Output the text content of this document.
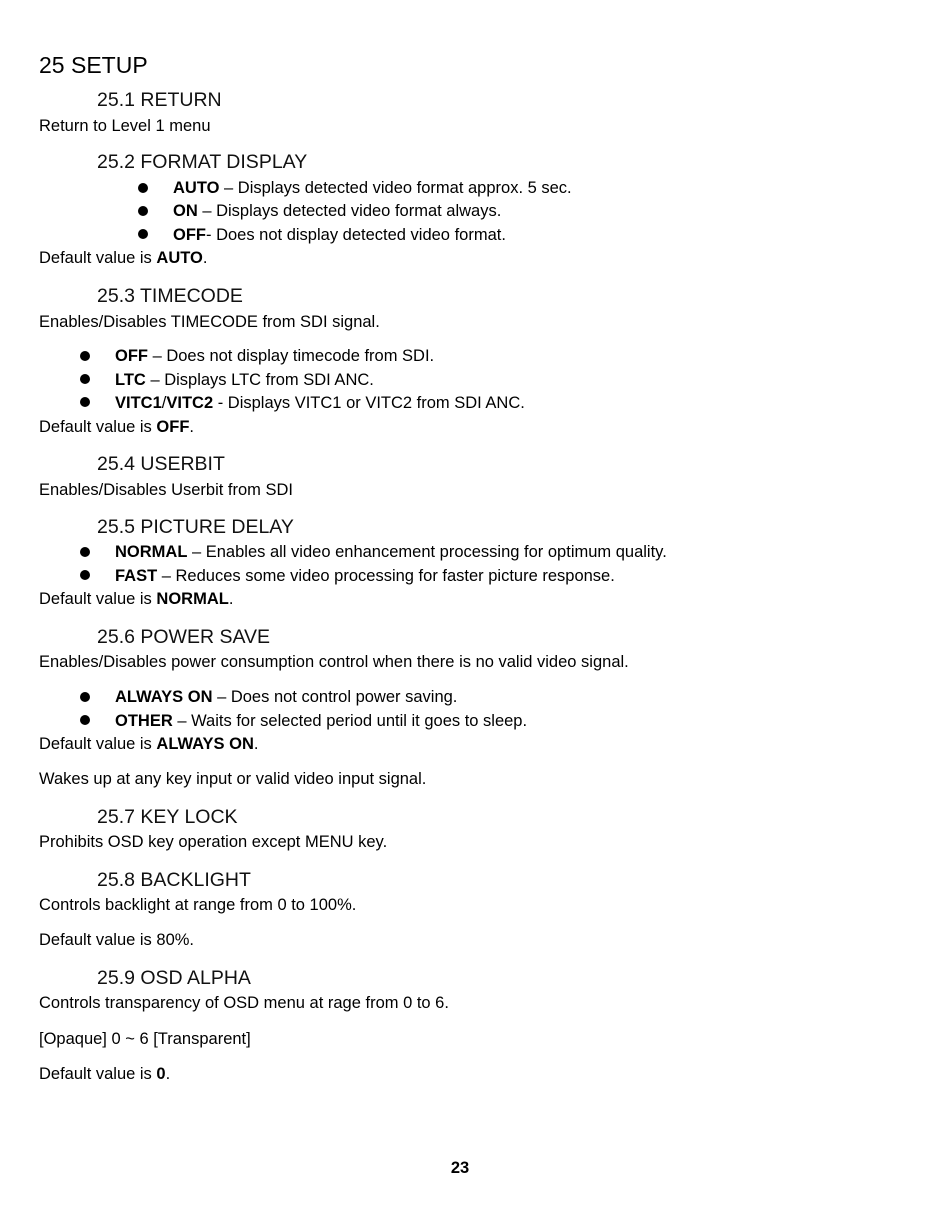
25 SETUP
25.1 RETURN
Return to Level 1 menu
25.2 FORMAT DISPLAY
AUTO – Displays detected video format approx. 5 sec.
ON – Displays detected video format always.
OFF- Does not display detected video format.
Default value is AUTO.
25.3 TIMECODE
Enables/Disables TIMECODE from SDI signal.
OFF – Does not display timecode from SDI.
LTC – Displays LTC from SDI ANC.
VITC1/VITC2 - Displays VITC1 or VITC2 from SDI ANC.
Default value is OFF.
25.4 USERBIT
Enables/Disables Userbit from SDI
25.5 PICTURE DELAY
NORMAL – Enables all video enhancement processing for optimum quality.
FAST – Reduces some video processing for faster picture response.
Default value is NORMAL.
25.6 POWER SAVE
Enables/Disables power consumption control when there is no valid video signal.
ALWAYS ON – Does not control power saving.
OTHER – Waits for selected period until it goes to sleep.
Default value is ALWAYS ON.
Wakes up at any key input or valid video input signal.
25.7 KEY LOCK
Prohibits OSD key operation except MENU key.
25.8 BACKLIGHT
Controls backlight at range from 0 to 100%.
Default value is 80%.
25.9 OSD ALPHA
Controls transparency of OSD menu at rage from 0 to 6.
[Opaque] 0 ~ 6 [Transparent]
Default value is 0.
23
